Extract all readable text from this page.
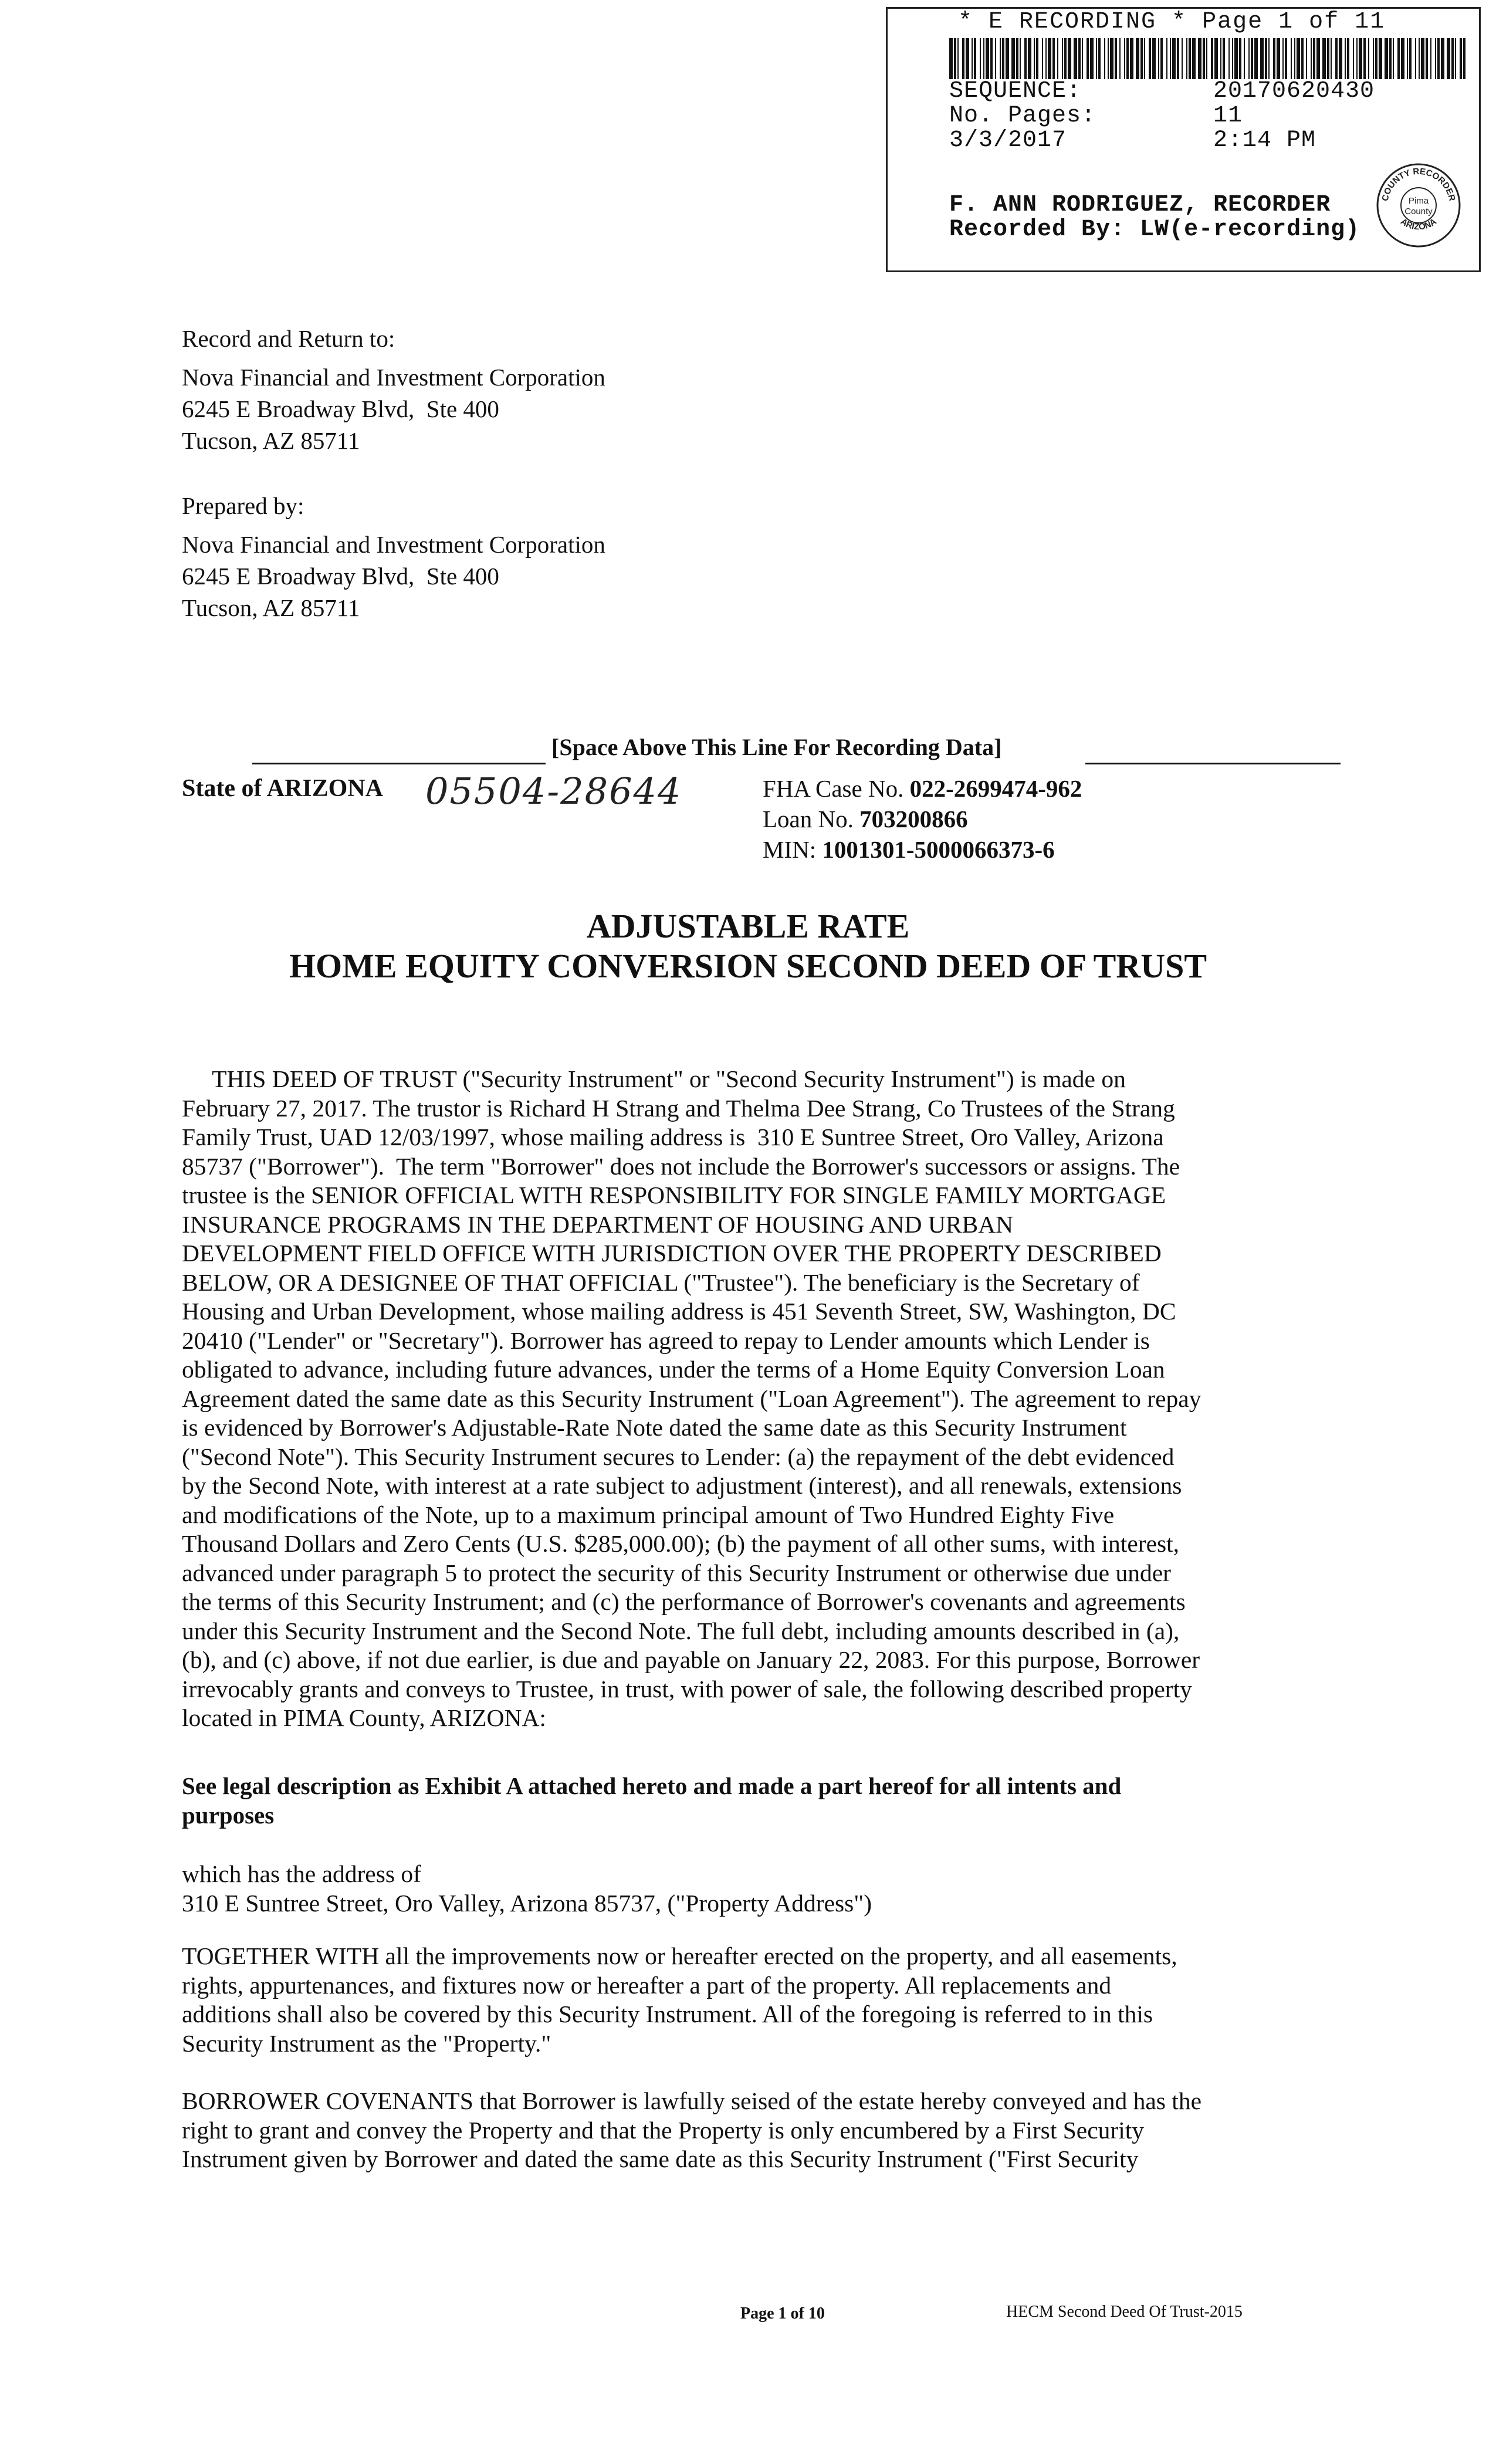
* E RECORDING * Page 1 of 11
SEQUENCE:	20170620430
No. Pages:	11
3/3/2017	2:14 PM
F. ANN RODRIGUEZ, RECORDER
Recorded By: LW(e-recording)
COUNTY RECORDER
ARIZONA
Pima
County
Record and Return to:
Nova Financial and Investment Corporation
6245 E Broadway Blvd,  Ste 400
Tucson, AZ 85711
Prepared by:
Nova Financial and Investment Corporation
6245 E Broadway Blvd,  Ste 400
Tucson, AZ 85711
[Space Above This Line For Recording Data]
State of ARIZONA 05504-28644	FHA Case No. 022-2699474-962
Loan No. 703200866
MIN: 1001301-5000066373-6
ADJUSTABLE RATE
HOME EQUITY CONVERSION SECOND DEED OF TRUST
THIS DEED OF TRUST ("Security Instrument" or "Second Security Instrument") is made on
February 27, 2017. The trustor is Richard H Strang and Thelma Dee Strang, Co Trustees of the Strang
Family Trust, UAD 12/03/1997, whose mailing address is  310 E Suntree Street, Oro Valley, Arizona
85737 ("Borrower").  The term "Borrower" does not include the Borrower's successors or assigns. The
trustee is the SENIOR OFFICIAL WITH RESPONSIBILITY FOR SINGLE FAMILY MORTGAGE
INSURANCE PROGRAMS IN THE DEPARTMENT OF HOUSING AND URBAN
DEVELOPMENT FIELD OFFICE WITH JURISDICTION OVER THE PROPERTY DESCRIBED
BELOW, OR A DESIGNEE OF THAT OFFICIAL ("Trustee"). The beneficiary is the Secretary of
Housing and Urban Development, whose mailing address is 451 Seventh Street, SW, Washington, DC
20410 ("Lender" or "Secretary"). Borrower has agreed to repay to Lender amounts which Lender is
obligated to advance, including future advances, under the terms of a Home Equity Conversion Loan
Agreement dated the same date as this Security Instrument ("Loan Agreement"). The agreement to repay
is evidenced by Borrower's Adjustable-Rate Note dated the same date as this Security Instrument
("Second Note"). This Security Instrument secures to Lender: (a) the repayment of the debt evidenced
by the Second Note, with interest at a rate subject to adjustment (interest), and all renewals, extensions
and modifications of the Note, up to a maximum principal amount of Two Hundred Eighty Five
Thousand Dollars and Zero Cents (U.S. $285,000.00); (b) the payment of all other sums, with interest,
advanced under paragraph 5 to protect the security of this Security Instrument or otherwise due under
the terms of this Security Instrument; and (c) the performance of Borrower's covenants and agreements
under this Security Instrument and the Second Note. The full debt, including amounts described in (a),
(b), and (c) above, if not due earlier, is due and payable on January 22, 2083. For this purpose, Borrower
irrevocably grants and conveys to Trustee, in trust, with power of sale, the following described property
located in PIMA County, ARIZONA:
See legal description as Exhibit A attached hereto and made a part hereof for all intents and
purposes
which has the address of
310 E Suntree Street, Oro Valley, Arizona 85737, ("Property Address")
TOGETHER WITH all the improvements now or hereafter erected on the property, and all easements,
rights, appurtenances, and fixtures now or hereafter a part of the property. All replacements and
additions shall also be covered by this Security Instrument. All of the foregoing is referred to in this
Security Instrument as the "Property."
BORROWER COVENANTS that Borrower is lawfully seised of the estate hereby conveyed and has the
right to grant and convey the Property and that the Property is only encumbered by a First Security
Instrument given by Borrower and dated the same date as this Security Instrument ("First Security
Page 1 of 10	HECM Second Deed Of Trust-2015
